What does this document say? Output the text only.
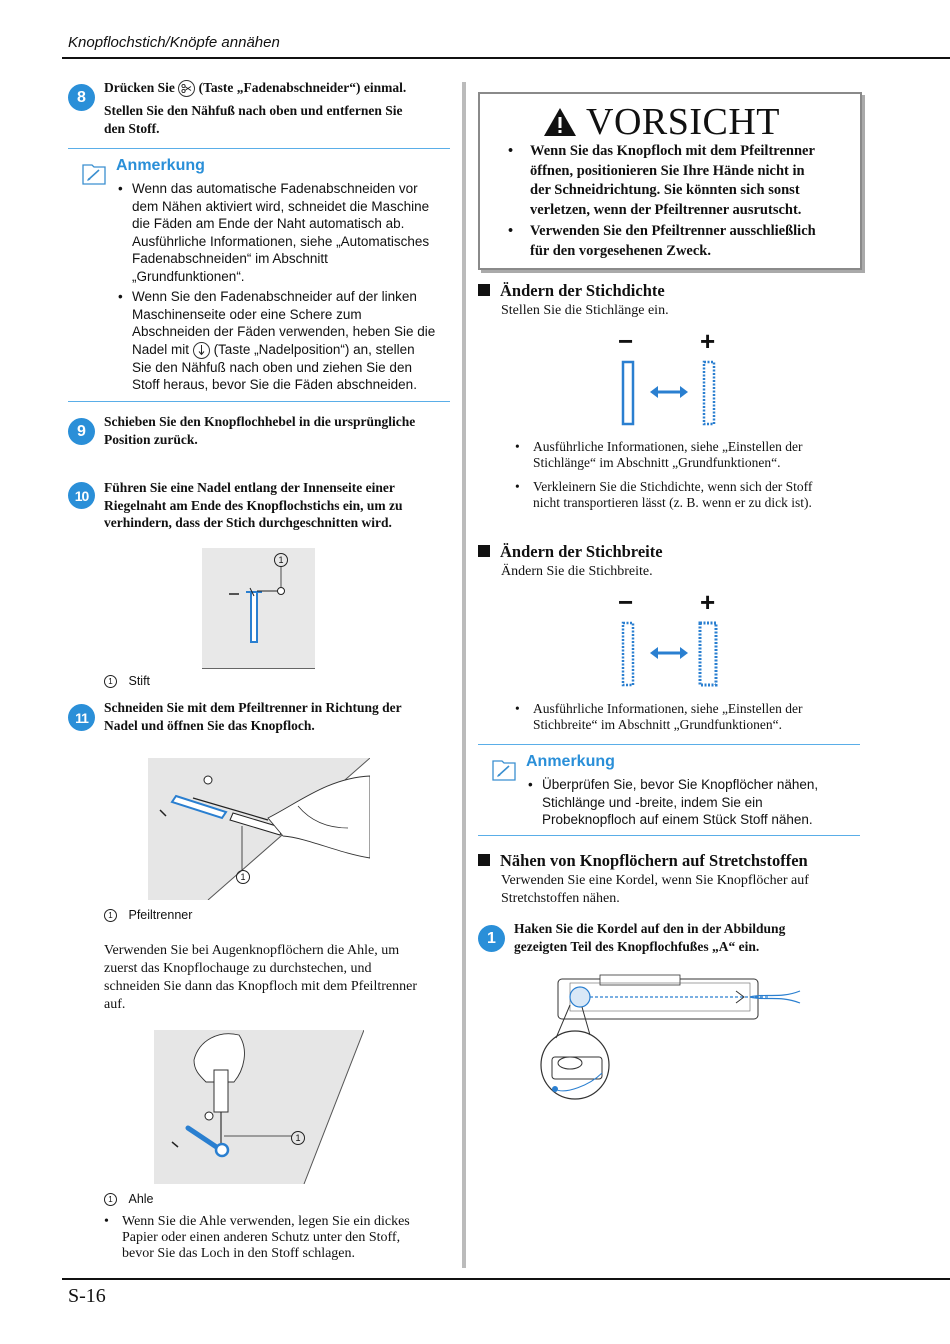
Knopflochstich/Knöpfe annähen
8
Drücken Sie (Taste „Fadenabschneider“) einmal.
Stellen Sie den Nähfuß nach oben und entfernen Sie
den Stoff.
Anmerkung
• Wenn das automatische Fadenabschneiden vor
dem Nähen aktiviert wird, schneidet die Maschine
die Fäden am Ende der Naht automatisch ab.
Ausführliche Informationen, siehe „Automatisches
Fadenabschneiden“ im Abschnitt
„Grundfunktionen“.
• Wenn Sie den Fadenabschneider auf der linken
Maschinenseite oder eine Schere zum
Abschneiden der Fäden verwenden, heben Sie die
Nadel mit (Taste „Nadelposition“) an, stellen
Sie den Nähfuß nach oben und ziehen Sie den
Stoff heraus, bevor Sie die Fäden abschneiden.
9
Schieben Sie den Knopflochhebel in die ursprüngliche
Position zurück.
10	Führen Sie eine Nadel entlang der Innenseite einer
Riegelnaht am Ende des Knopflochstichs ein, um zu
verhindern, dass der Stich durchgeschnitten wird.
1
1 Stift
11
Schneiden Sie mit dem Pfeiltrenner in Richtung der
Nadel und öffnen Sie das Knopfloch.
1
1 Pfeiltrenner
Verwenden Sie bei Augenknopflöchern die Ahle, um
zuerst das Knopflochauge zu durchstechen, und
schneiden Sie dann das Knopfloch mit dem Pfeiltrenner
auf.
1
1 Ahle
• Wenn Sie die Ahle verwenden, legen Sie ein dickes
Papier oder einen anderen Schutz unter den Stoff,
bevor Sie das Loch in den Stoff schlagen.
VORSICHT
• Wenn Sie das Knopfloch mit dem Pfeiltrenner
öffnen, positionieren Sie Ihre Hände nicht in
der Schneidrichtung. Sie könnten sich sonst
verletzen, wenn der Pfeiltrenner ausrutscht.
• Verwenden Sie den Pfeiltrenner ausschließlich
für den vorgesehenen Zweck.
Ändern der Stichdichte
Stellen Sie die Stichlänge ein.
−	+
• Ausführliche Informationen, siehe „Einstellen der
Stichlänge“ im Abschnitt „Grundfunktionen“.
• Verkleinern Sie die Stichdichte, wenn sich der Stoff
nicht transportieren lässt (z. B. wenn er zu dick ist).
Ändern der Stichbreite
Ändern Sie die Stichbreite.
−	+
• Ausführliche Informationen, siehe „Einstellen der
Stichbreite“ im Abschnitt „Grundfunktionen“.
Anmerkung
• Überprüfen Sie, bevor Sie Knopflöcher nähen,
Stichlänge und -breite, indem Sie ein
Probeknopfloch auf einem Stück Stoff nähen.
Nähen von Knopflöchern auf Stretchstoffen
Verwenden Sie eine Kordel, wenn Sie Knopflöcher auf
Stretchstoffen nähen.
1
Haken Sie die Kordel auf den in der Abbildung
gezeigten Teil des Knopflochfußes „A“ ein.
S-16
